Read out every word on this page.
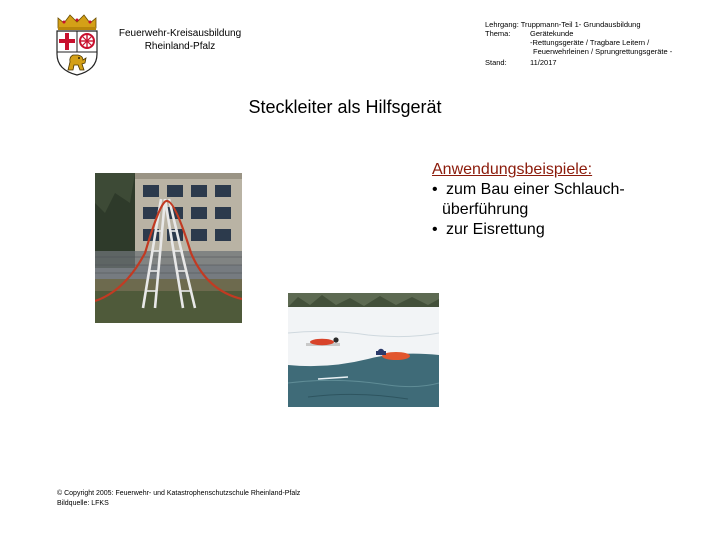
Feuerwehr-Kreisausbildung
Rheinland-Pfalz
Lehrgang: Truppmann-Teil 1- Grundausbildung
Thema:	Gerätekunde
-Rettungsgeräte / Tragbare Leitern /
Feuerwehrleinen / Sprungrettungsgeräte -
Stand:	11/2017
Steckleiter als Hilfsgerät
Anwendungsbeispiele:
• zum Bau einer Schlauch-
überführung
• zur Eisrettung
© Copyright 2005: Feuerwehr- und Katastrophenschutzschule Rheinland-Pfalz
Bildquelle: LFKS
